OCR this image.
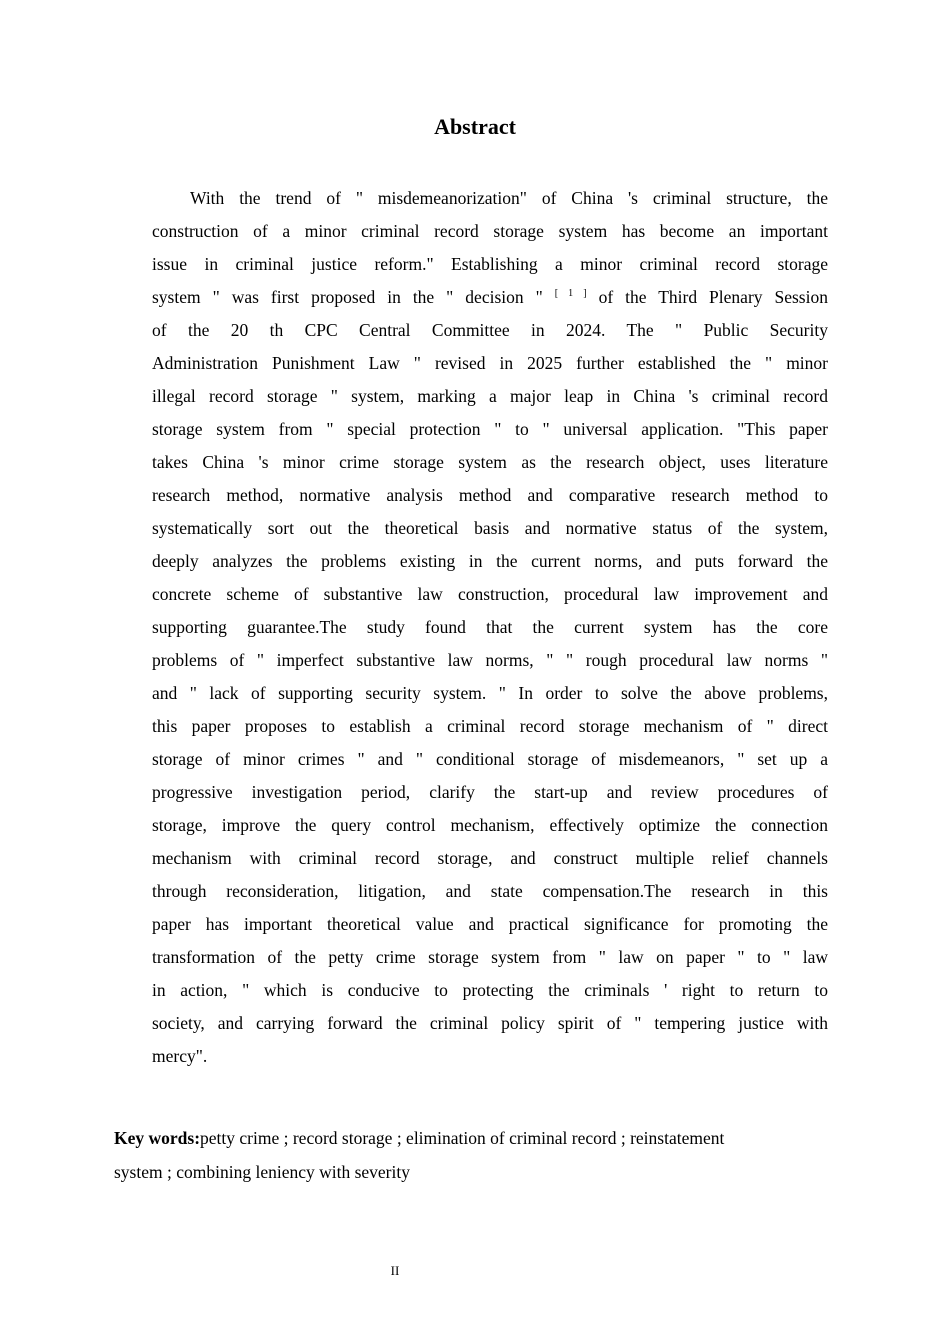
Abstract
With the trend of " misdemeanorization" of China 's criminal structure, the
construction of a minor criminal record storage system has become an important
issue in criminal justice reform." Establishing a minor criminal record storage
system " was first proposed in the " decision " [ 1 ] of the Third Plenary Session
of the 20 th CPC Central Committee in 2024. The " Public Security
Administration Punishment Law " revised in 2025 further established the " minor
illegal record storage " system, marking a major leap in China 's criminal record
storage system from " special protection " to " universal application. "This paper
takes China 's minor crime storage system as the research object, uses literature
research method, normative analysis method and comparative research method to
systematically sort out the theoretical basis and normative status of the system,
deeply analyzes the problems existing in the current norms, and puts forward the
concrete scheme of substantive law construction, procedural law improvement and
supporting guarantee.The study found that the current system has the core
problems of " imperfect substantive law norms, " " rough procedural law norms "
and " lack of supporting security system. " In order to solve the above problems,
this paper proposes to establish a criminal record storage mechanism of " direct
storage of minor crimes " and " conditional storage of misdemeanors, " set up a
progressive investigation period, clarify the start-up and review procedures of
storage, improve the query control mechanism, effectively optimize the connection
mechanism with criminal record storage, and construct multiple relief channels
through reconsideration, litigation, and state compensation.The research in this
paper has important theoretical value and practical significance for promoting the
transformation of the petty crime storage system from " law on paper " to " law
in action, " which is conducive to protecting the criminals ' right to return to
society, and carrying forward the criminal policy spirit of " tempering justice with
mercy".
Key words:petty crime ; record storage ; elimination of criminal record ; reinstatement
system ; combining leniency with severity
II
